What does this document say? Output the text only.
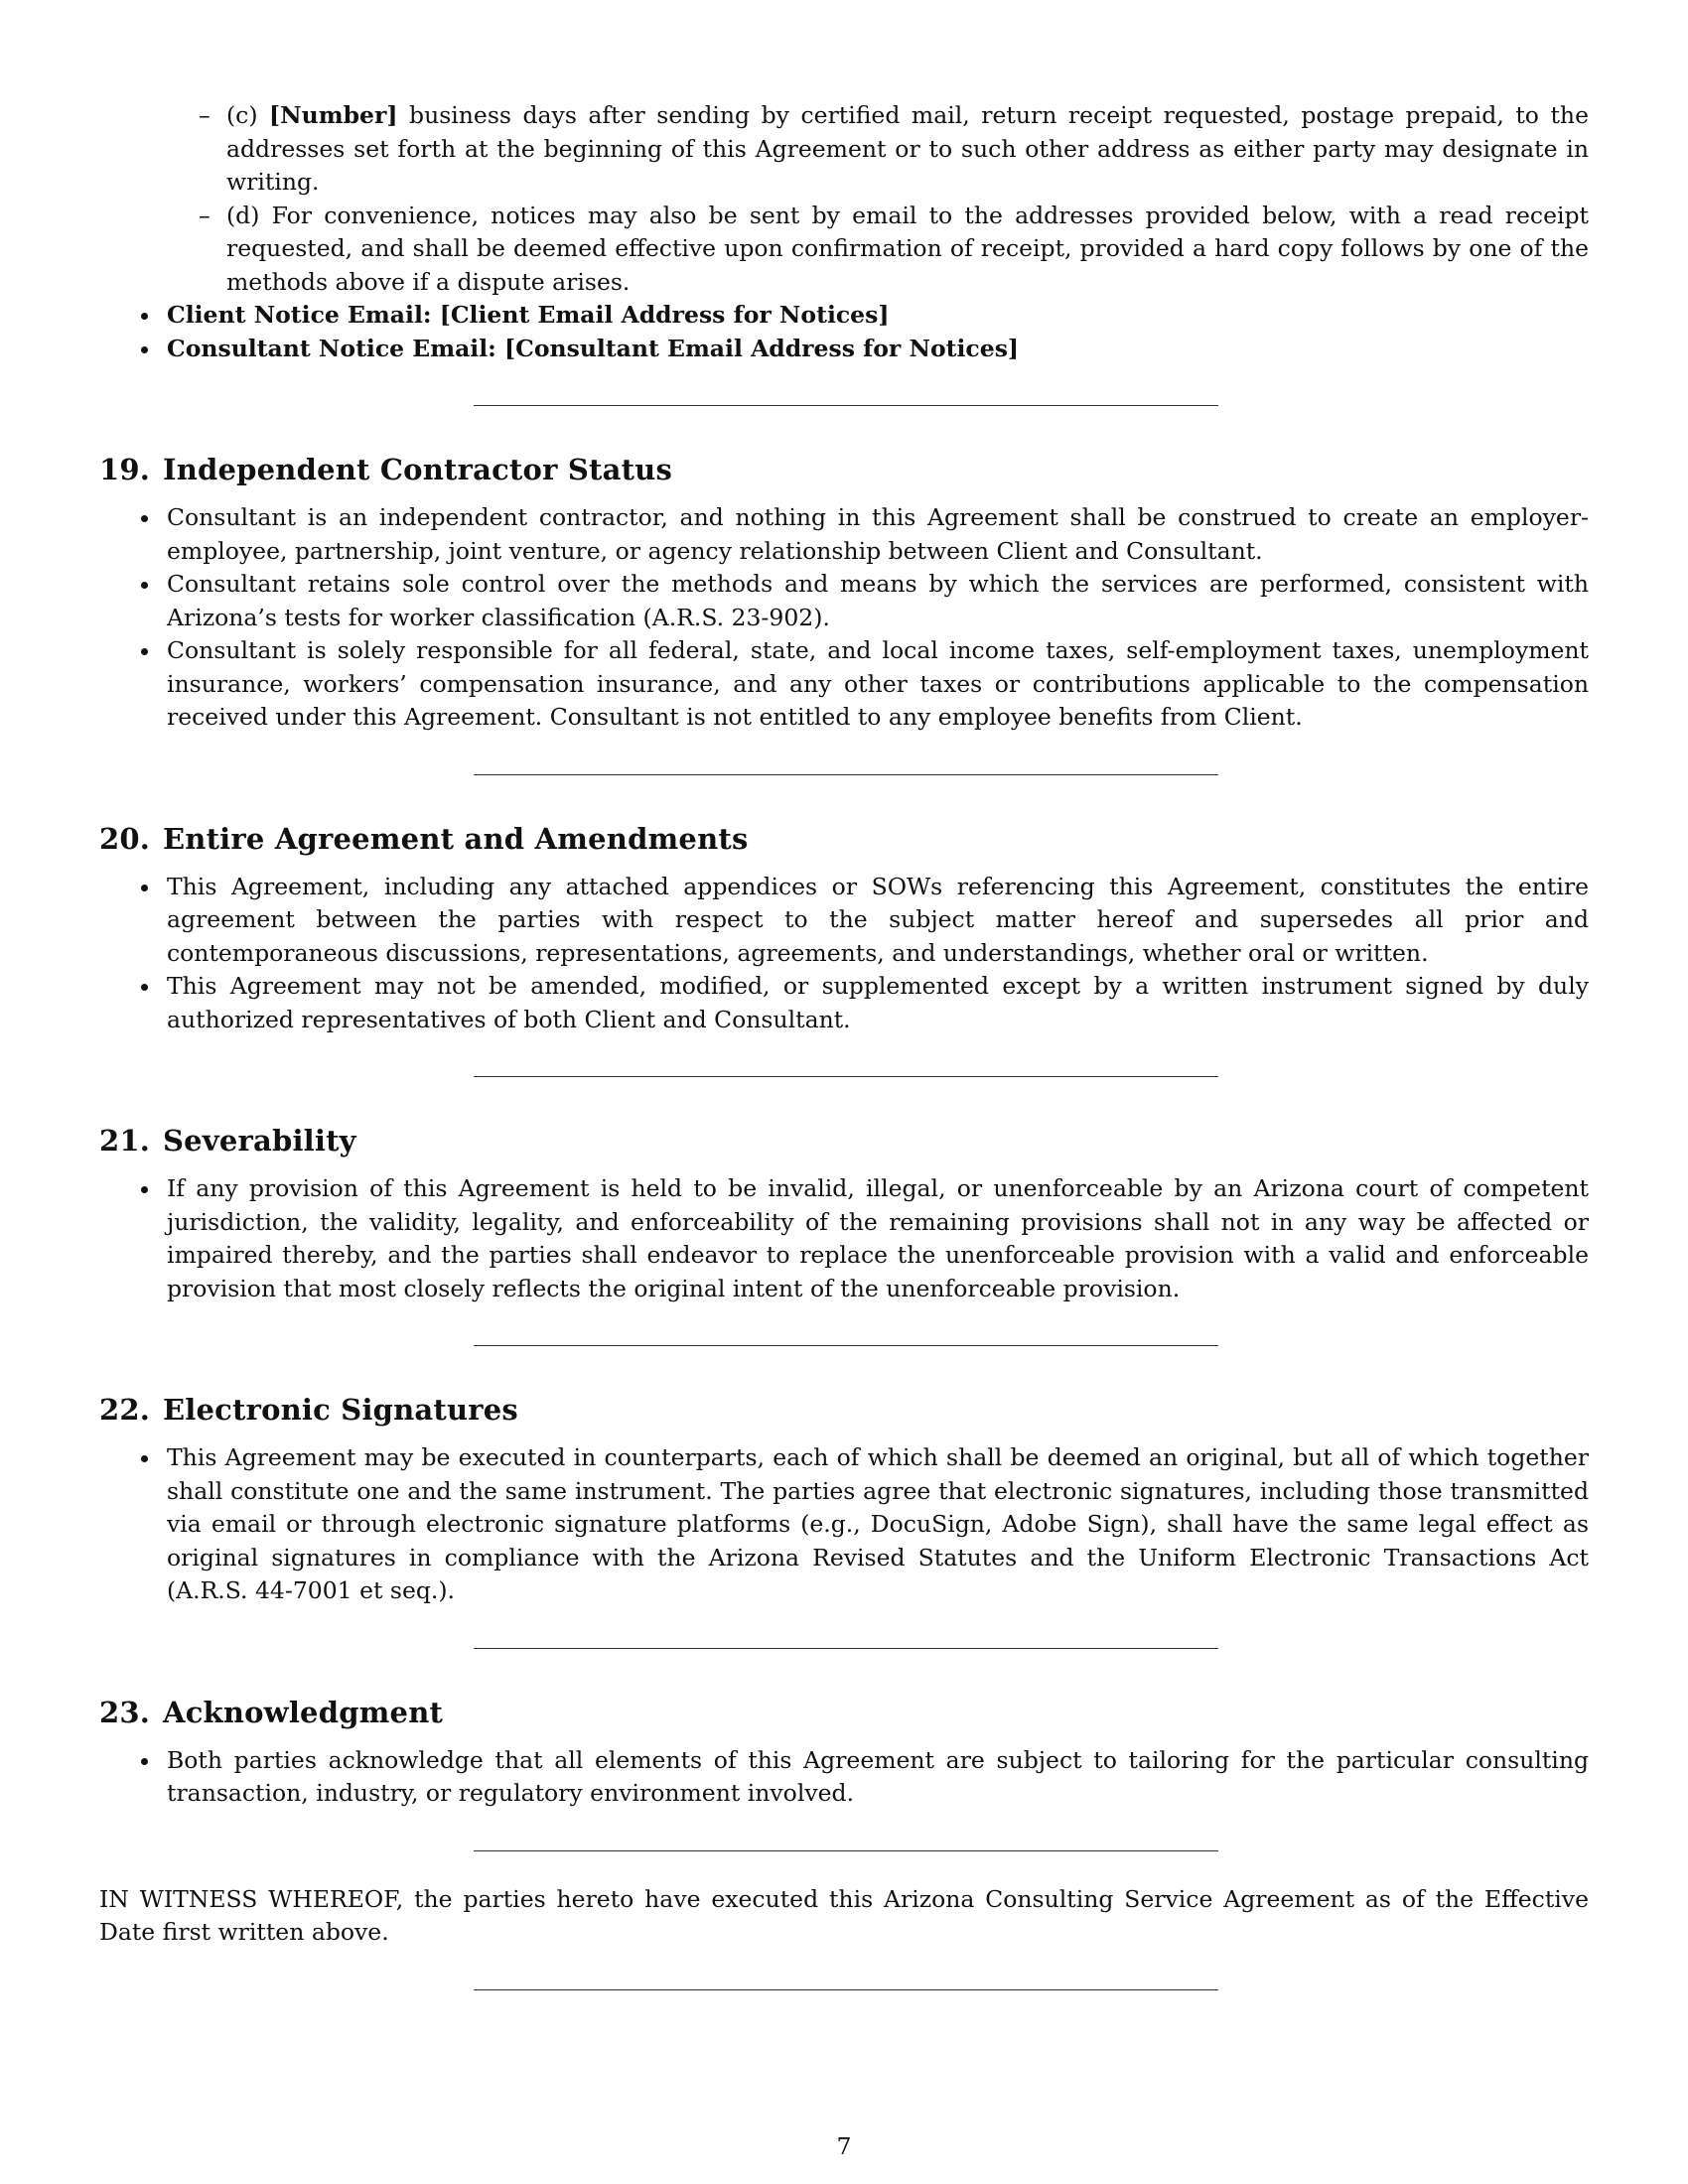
– (c) [Number] business days after sending by certified mail, return receipt requested, postage prepaid, to the addresses set forth at the beginning of this Agreement or to such other address as either party may designate in writing.
– (d) For convenience, notices may also be sent by email to the addresses provided below, with a read receipt requested, and shall be deemed effective upon confirmation of receipt, provided a hard copy follows by one of the methods above if a dispute arises.
Client Notice Email: [Client Email Address for Notices]
Consultant Notice Email: [Consultant Email Address for Notices]
19. Independent Contractor Status
Consultant is an independent contractor, and nothing in this Agreement shall be construed to create an employer-employee, partnership, joint venture, or agency relationship between Client and Consultant.
Consultant retains sole control over the methods and means by which the services are performed, consistent with Arizona’s tests for worker classification (A.R.S. 23-902).
Consultant is solely responsible for all federal, state, and local income taxes, self-employment taxes, unemployment insurance, workers’ compensation insurance, and any other taxes or contributions applicable to the compensation received under this Agreement. Consultant is not entitled to any employee benefits from Client.
20. Entire Agreement and Amendments
This Agreement, including any attached appendices or SOWs referencing this Agreement, constitutes the entire agreement between the parties with respect to the subject matter hereof and supersedes all prior and contemporaneous discussions, representations, agreements, and understandings, whether oral or written.
This Agreement may not be amended, modified, or supplemented except by a written instrument signed by duly authorized representatives of both Client and Consultant.
21. Severability
If any provision of this Agreement is held to be invalid, illegal, or unenforceable by an Arizona court of competent jurisdiction, the validity, legality, and enforceability of the remaining provisions shall not in any way be affected or impaired thereby, and the parties shall endeavor to replace the unenforceable provision with a valid and enforceable provision that most closely reflects the original intent of the unenforceable provision.
22. Electronic Signatures
This Agreement may be executed in counterparts, each of which shall be deemed an original, but all of which together shall constitute one and the same instrument. The parties agree that electronic signatures, including those transmitted via email or through electronic signature platforms (e.g., DocuSign, Adobe Sign), shall have the same legal effect as original signatures in compliance with the Arizona Revised Statutes and the Uniform Electronic Transactions Act (A.R.S. 44-7001 et seq.).
23. Acknowledgment
Both parties acknowledge that all elements of this Agreement are subject to tailoring for the particular consulting transaction, industry, or regulatory environment involved.

IN WITNESS WHEREOF, the parties hereto have executed this Arizona Consulting Service Agreement as of the Effective Date first written above.

7
